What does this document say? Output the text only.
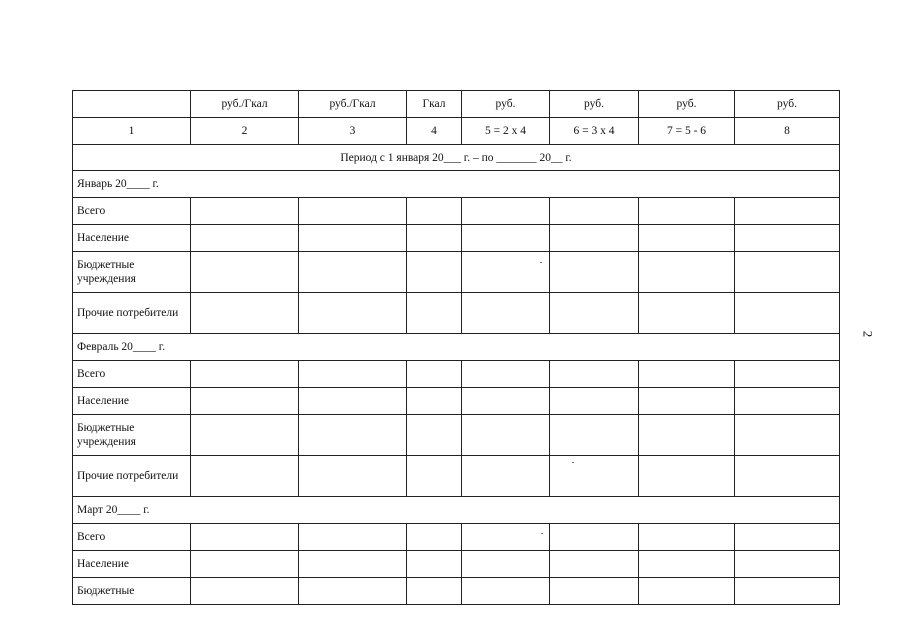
	руб./Гкал	руб./Гкал	Гкал	руб.	руб.	руб.	руб.
1	2	3	4	5 = 2 х 4	6 = 3 х 4	7 = 5 - 6	8
Период с 1 января 20___ г. – по _______ 20__ г.							
Январь 20____ г.							
Всего							
Население							
Бюджетные учреждения							
Прочие потребители							
Февраль 20____ г.							
Всего							
Население							
Бюджетные учреждения							
Прочие потребители							
Март 20____ г.							
Всего							
Население							
Бюджетные							
2
